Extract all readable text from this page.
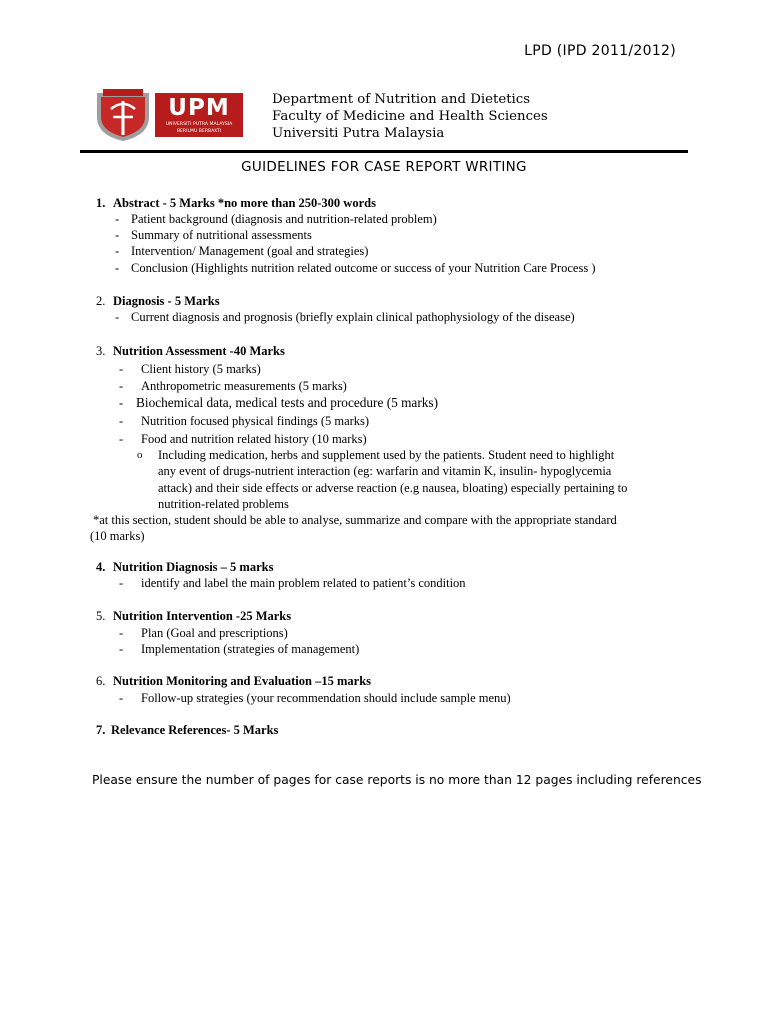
LPD (IPD 2011/2012)
UPM
UNIVERSITI PUTRA MALAYSIA
BERILMU BERBAKTI
Department of Nutrition and Dietetics
Faculty of Medicine and Health Sciences
Universiti Putra Malaysia
GUIDELINES FOR CASE REPORT WRITING
1. Abstract - 5 Marks *no more than 250-300 words
- Patient background (diagnosis and nutrition-related problem)
- Summary of nutritional assessments
- Intervention/ Management (goal and strategies)
- Conclusion (Highlights nutrition related outcome or success of your Nutrition Care Process )
2. Diagnosis - 5 Marks
- Current diagnosis and prognosis (briefly explain clinical pathophysiology of the disease)
3. Nutrition Assessment -40 Marks
- Client history (5 marks)
- Anthropometric measurements (5 marks)
- Biochemical data, medical tests and procedure (5 marks)
- Nutrition focused physical findings (5 marks)
- Food and nutrition related history (10 marks)
o Including medication, herbs and supplement used by the patients. Student need to highlight
any event of drugs-nutrient interaction (eg: warfarin and vitamin K, insulin- hypoglycemia
attack) and their side effects or adverse reaction (e.g nausea, bloating) especially pertaining to
nutrition-related problems
*at this section, student should be able to analyse, summarize and compare with the appropriate standard
(10 marks)
4. Nutrition Diagnosis – 5 marks
- identify and label the main problem related to patient’s condition
5. Nutrition Intervention -25 Marks
- Plan (Goal and prescriptions)
- Implementation (strategies of management)
6. Nutrition Monitoring and Evaluation –15 marks
- Follow-up strategies (your recommendation should include sample menu)
7. Relevance References- 5 Marks
Please ensure the number of pages for case reports is no more than 12 pages including references
